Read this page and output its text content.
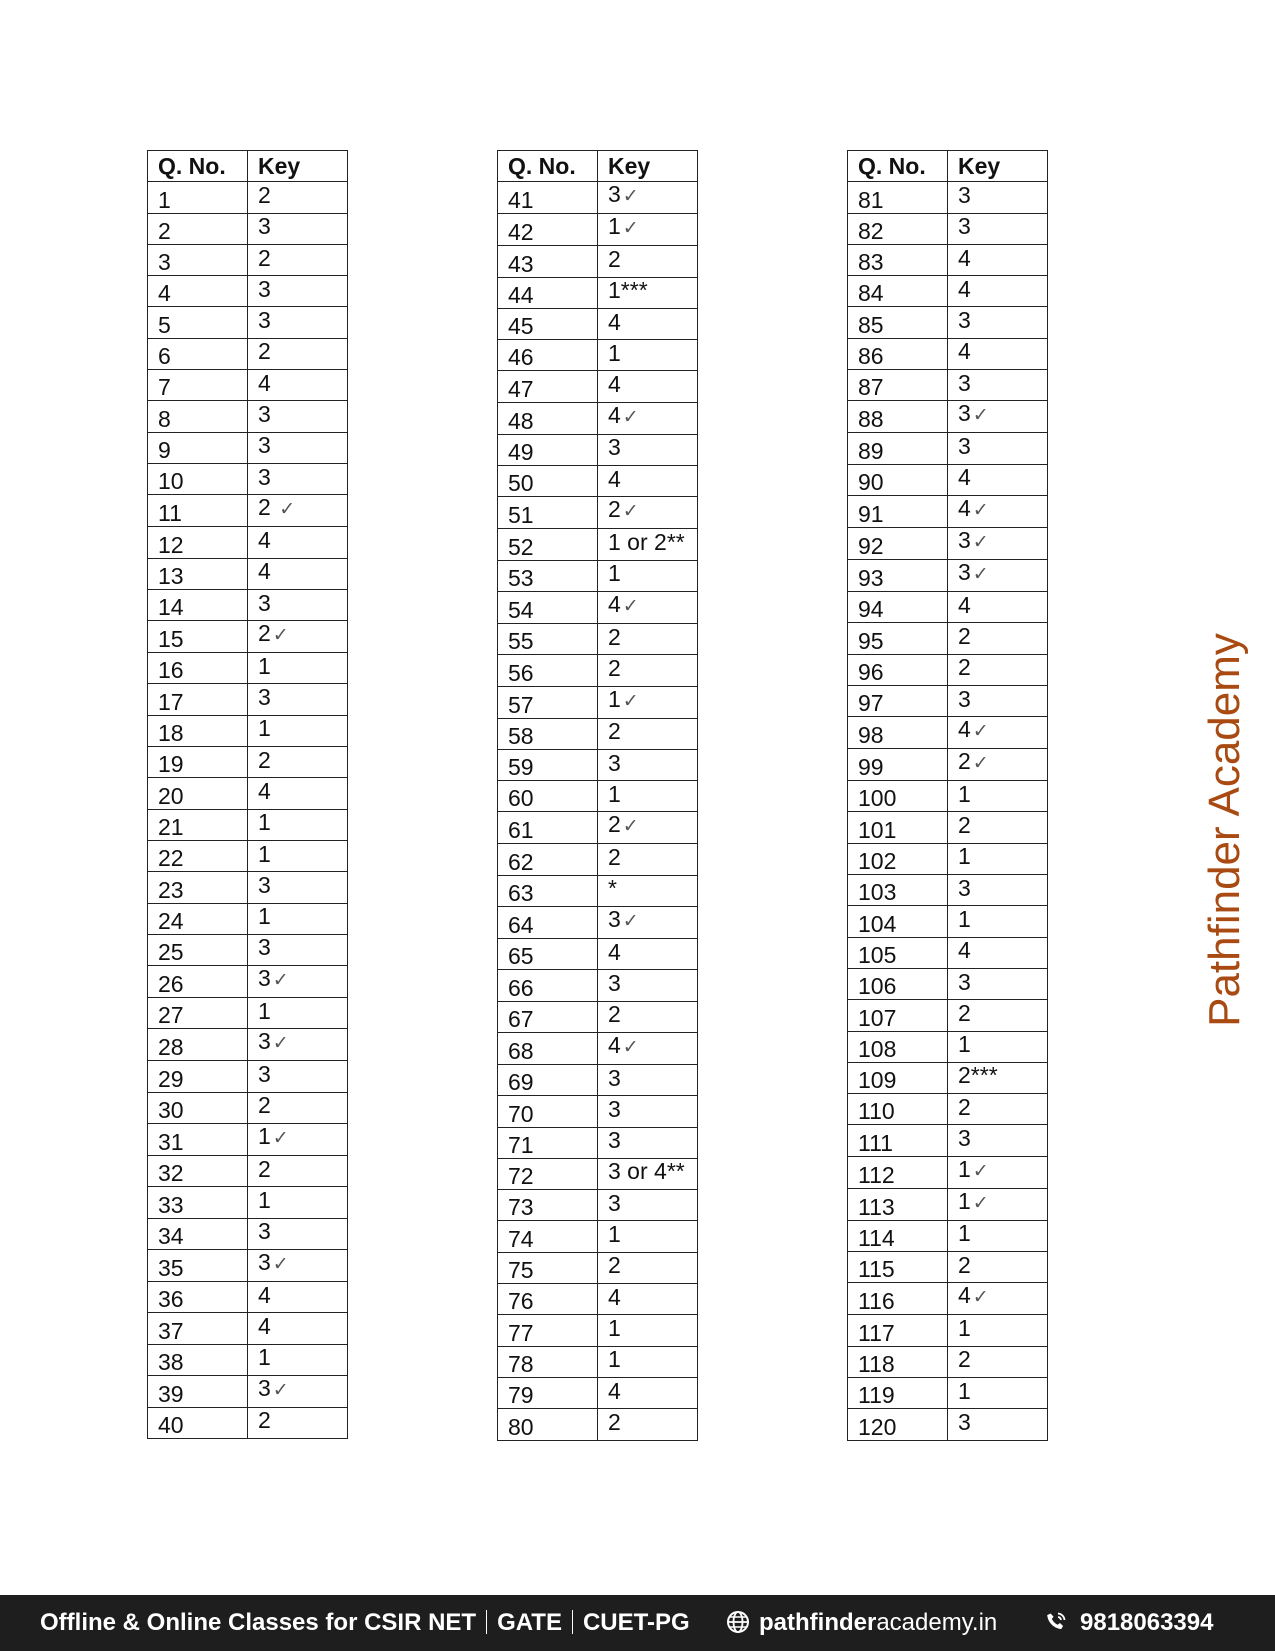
Q. No.	Key
1	2
2	3
3	2
4	3
5	3
6	2
7	4
8	3
9	3
10	3
11	2 ✓
12	4
13	4
14	3
15	2 ✓
16	1
17	3
18	1
19	2
20	4
21	1
22	1
23	3
24	1
25	3
26	3 ✓
27	1
28	3 ✓
29	3
30	2
31	1 ✓
32	2
33	1
34	3
35	3 ✓
36	4
37	4
38	1
39	3 ✓
40	2
Q. No.	Key
41	3 ✓
42	1 ✓
43	2
44	1***
45	4
46	1
47	4
48	4 ✓
49	3
50	4
51	2 ✓
52	1 or 2**
53	1
54	4 ✓
55	2
56	2
57	1 ✓
58	2
59	3
60	1
61	2 ✓
62	2
63	*
64	3 ✓
65	4
66	3
67	2
68	4 ✓
69	3
70	3
71	3
72	3 or 4**
73	3
74	1
75	2
76	4
77	1
78	1
79	4
80	2
Q. No.	Key
81	3
82	3
83	4
84	4
85	3
86	4
87	3
88	3 ✓
89	3
90	4
91	4 ✓
92	3 ✓
93	3 ✓
94	4
95	2
96	2
97	3
98	4 ✓
99	2 ✓
100	1
101	2
102	1
103	3
104	1
105	4
106	3
107	2
108	1
109	2***
110	2
111	3
112	1 ✓
113	1 ✓
114	1
115	2
116	4 ✓
117	1
118	2
119	1
120	3
Pathfinder Academy
Offline & Online Classes for CSIR NET GATE CUET-PG	pathfinderacademy.in	9818063394
